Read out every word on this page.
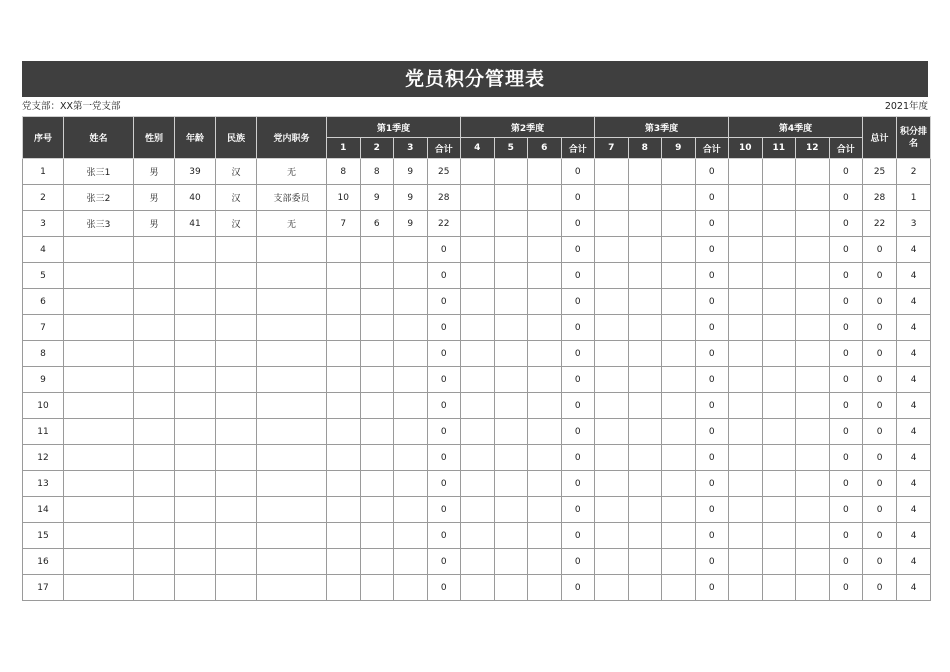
党员积分管理表
党支部：XX第一党支部	2021年度
序号	姓名	性别	年龄	民族	党内职务	第1季度				第2季度				第3季度				第4季度				总计	积分排名
						1	2	3	合计	4	5	6	合计	7	8	9	合计	10	11	12	合计		
1	张三1	男	39	汉	无	8	8	9	25				0				0				0	25	2
2	张三2	男	40	汉	支部委员	10	9	9	28				0				0				0	28	1
3	张三3	男	41	汉	无	7	6	9	22				0				0				0	22	3
4									0				0				0				0	0	4
5									0				0				0				0	0	4
6									0				0				0				0	0	4
7									0				0				0				0	0	4
8									0				0				0				0	0	4
9									0				0				0				0	0	4
10									0				0				0				0	0	4
11									0				0				0				0	0	4
12									0				0				0				0	0	4
13									0				0				0				0	0	4
14									0				0				0				0	0	4
15									0				0				0				0	0	4
16									0				0				0				0	0	4
17									0				0				0				0	0	4
